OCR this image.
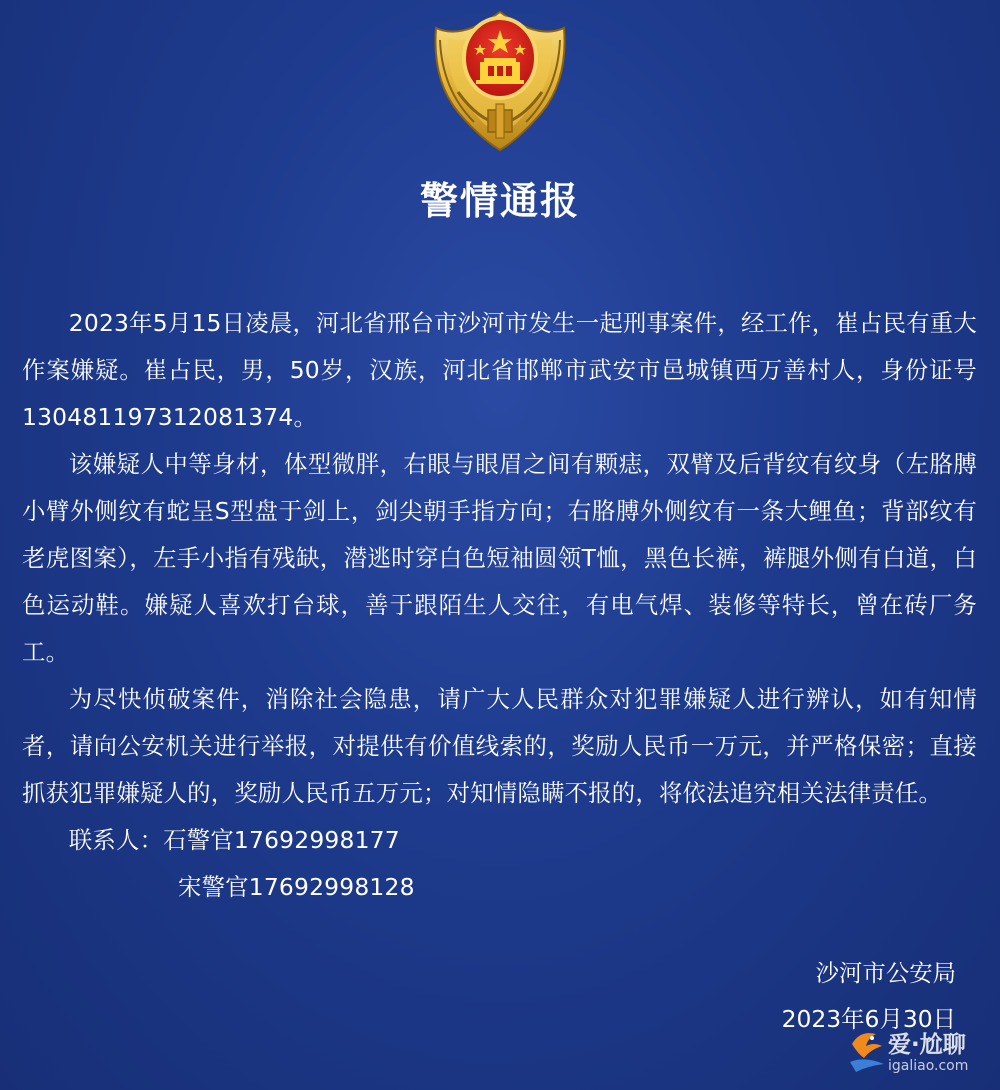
警情通报

2023年5月15日凌晨，河北省邢台市沙河市发生一起刑事案件，经工作，崔占民有重大作案嫌疑。崔占民，男，50岁，汉族，河北省邯郸市武安市邑城镇西万善村人，身份证号130481197312081374。

该嫌疑人中等身材，体型微胖，右眼与眼眉之间有颗痣，双臂及后背纹有纹身（左胳膊小臂外侧纹有蛇呈S型盘于剑上，剑尖朝手指方向；右胳膊外侧纹有一条大鲤鱼；背部纹有老虎图案），左手小指有残缺，潜逃时穿白色短袖圆领T恤，黑色长裤，裤腿外侧有白道，白色运动鞋。嫌疑人喜欢打台球，善于跟陌生人交往，有电气焊、装修等特长，曾在砖厂务工。

为尽快侦破案件，消除社会隐患，请广大人民群众对犯罪嫌疑人进行辨认，如有知情者，请向公安机关进行举报，对提供有价值线索的，奖励人民币一万元，并严格保密；直接抓获犯罪嫌疑人的，奖励人民币五万元；对知情隐瞒不报的，将依法追究相关法律责任。

联系人：石警官17692998177

宋警官17692998128

沙河市公安局
2023年6月30日
爱·尬聊
igaliao.com
